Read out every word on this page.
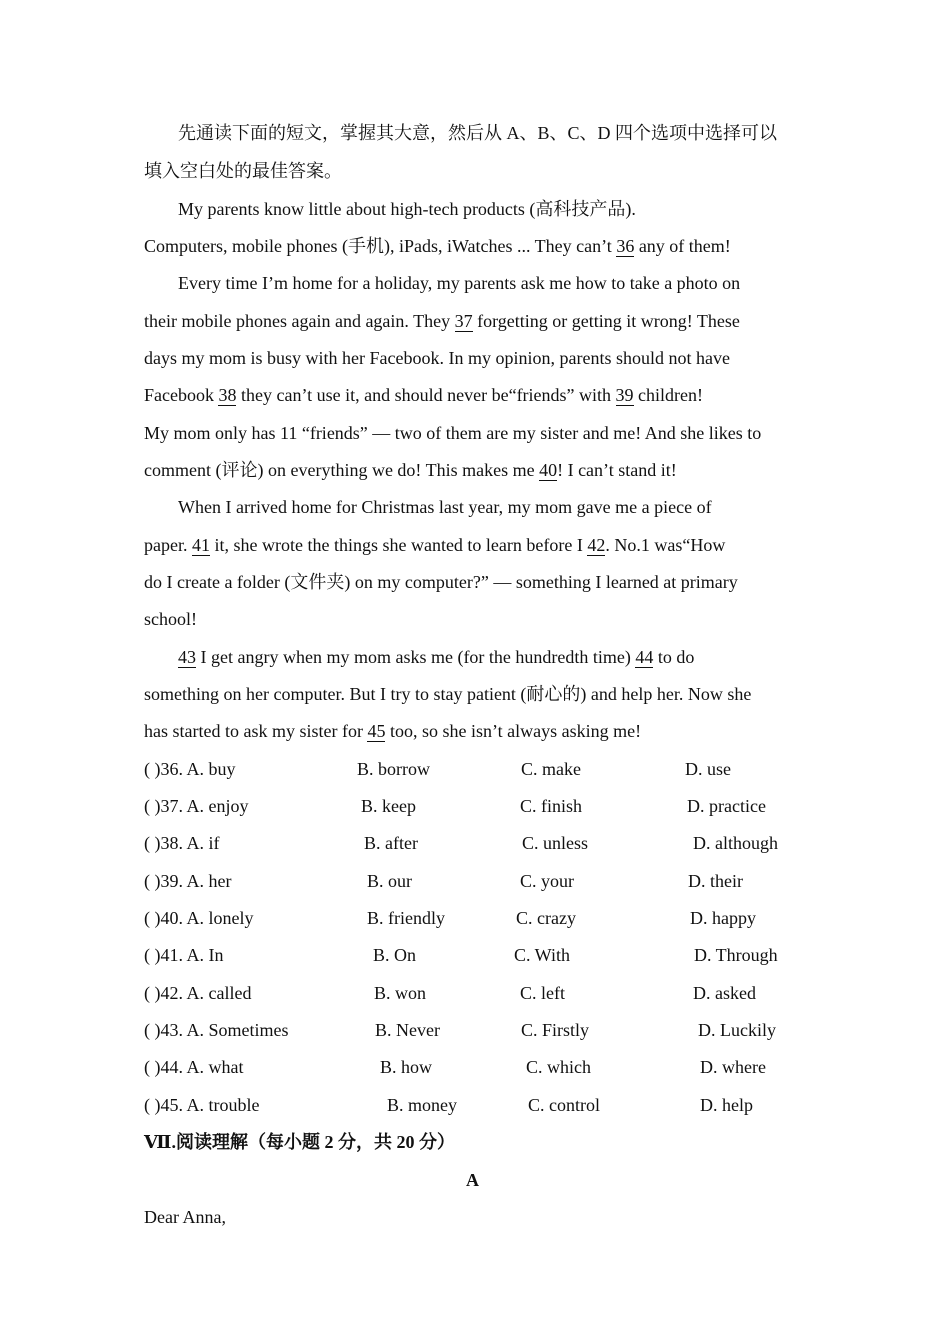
先通读下面的短文，掌握其大意，然后从 A、B、C、D 四个选项中选择可以
填入空白处的最佳答案。
My parents know little about high-tech products (高科技产品).
Computers, mobile phones (手机), iPads, iWatches ... They can’t 36 any of them!
Every time I’m home for a holiday, my parents ask me how to take a photo on
their mobile phones again and again. They 37 forgetting or getting it wrong! These
days my mom is busy with her Facebook. In my opinion, parents should not have
Facebook 38 they can’t use it, and should never be“friends” with 39 children!
My mom only has 11 “friends” — two of them are my sister and me! And she likes to
comment (评论) on everything we do! This makes me 40! I can’t stand it!
When I arrived home for Christmas last year, my mom gave me a piece of
paper. 41 it, she wrote the things she wanted to learn before I 42. No.1 was“How
do I create a folder (文件夹) on my computer?” — something I learned at primary
school!
43 I get angry when my mom asks me (for the hundredth time) 44 to do
something on her computer. But I try to stay patient (耐心的) and help her. Now she
has started to ask my sister for 45 too, so she isn’t always asking me!
( )36. A. buy	B. borrow	C. make	D. use
( )37. A. enjoy	B. keep	C. finish	D. practice
( )38. A. if	B. after	C. unless	D. although
( )39. A. her	B. our	C. your	D. their
( )40. A. lonely	B. friendly	C. crazy	D. happy
( )41. A. In	B. On	C. With	D. Through
( )42. A. called	B. won	C. left	D. asked
( )43. A. Sometimes	B. Never	C. Firstly	D. Luckily
( )44. A. what	B. how	C. which	D. where
( )45. A. trouble	B. money	C. control	D. help
Ⅶ.阅读理解（每小题 2 分，共 20 分）
A
Dear Anna,
